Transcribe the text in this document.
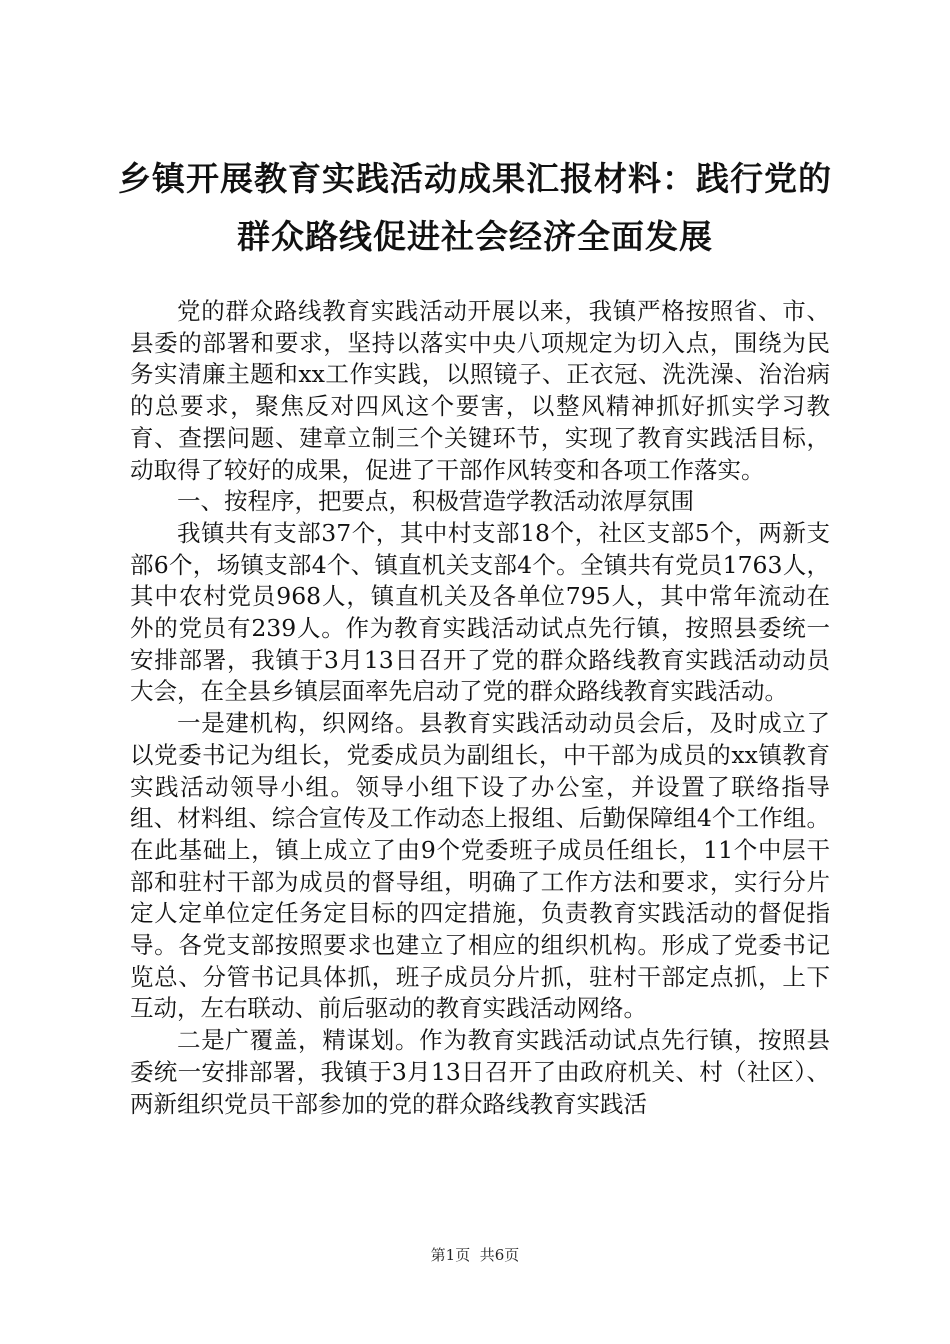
乡镇开展教育实践活动成果汇报材料：践行党的群众路线促进社会经济全面发展

党的群众路线教育实践活动开展以来，我镇严格按照省、市、县委的部署和要求，坚持以落实中央八项规定为切入点，围绕为民务实清廉主题和xx工作实践，以照镜子、正衣冠、洗洗澡、治治病的总要求，聚焦反对四风这个要害，以整风精神抓好抓实学习教育、查摆问题、建章立制三个关键环节，实现了教育实践活目标，动取得了较好的成果，促进了干部作风转变和各项工作落实。

一、按程序，把要点，积极营造学教活动浓厚氛围

我镇共有支部37个，其中村支部18个，社区支部5个，两新支部6个，场镇支部4个、镇直机关支部4个。全镇共有党员1763人，其中农村党员968人，镇直机关及各单位795人，其中常年流动在外的党员有239人。作为教育实践活动试点先行镇，按照县委统一安排部署，我镇于3月13日召开了党的群众路线教育实践活动动员大会，在全县乡镇层面率先启动了党的群众路线教育实践活动。

一是建机构，织网络。县教育实践活动动员会后，及时成立了以党委书记为组长，党委成员为副组长，中干部为成员的xx镇教育实践活动领导小组。领导小组下设了办公室，并设置了联络指导组、材料组、综合宣传及工作动态上报组、后勤保障组4个工作组。在此基础上，镇上成立了由9个党委班子成员任组长，11个中层干部和驻村干部为成员的督导组，明确了工作方法和要求，实行分片定人定单位定任务定目标的四定措施，负责教育实践活动的督促指导。各党支部按照要求也建立了相应的组织机构。形成了党委书记览总、分管书记具体抓，班子成员分片抓，驻村干部定点抓，上下互动，左右联动、前后驱动的教育实践活动网络。

二是广覆盖，精谋划。作为教育实践活动试点先行镇，按照县委统一安排部署，我镇于3月13日召开了由政府机关、村（社区）、两新组织党员干部参加的党的群众路线教育实践活

第1页 共6页
